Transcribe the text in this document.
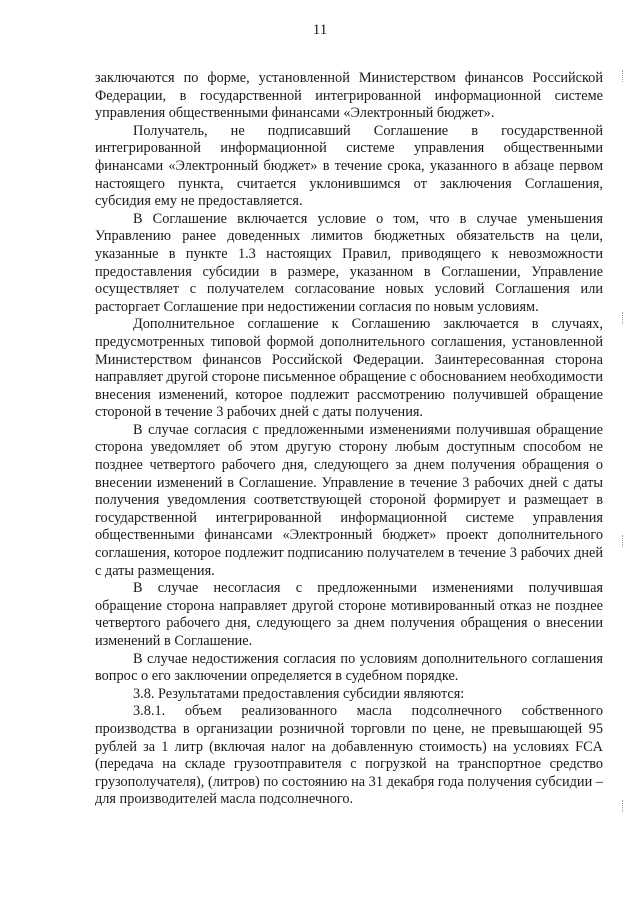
11

заключаются по форме, установленной Министерством финансов Российской Федерации, в государственной интегрированной информационной системе управления общественными финансами «Электронный бюджет».

Получатель, не подписавший Соглашение в государственной интегрированной информационной системе управления общественными финансами «Электронный бюджет» в течение срока, указанного в абзаце первом настоящего пункта, считается уклонившимся от заключения Соглашения, субсидия ему не предоставляется.

В Соглашение включается условие о том, что в случае уменьшения Управлению ранее доведенных лимитов бюджетных обязательств на цели, указанные в пункте 1.3 настоящих Правил, приводящего к невозможности предоставления субсидии в размере, указанном в Соглашении, Управление осуществляет с получателем согласование новых условий Соглашения или расторгает Соглашение при недостижении согласия по новым условиям.

Дополнительное соглашение к Соглашению заключается в случаях, предусмотренных типовой формой дополнительного соглашения, установленной Министерством финансов Российской Федерации. Заинтересованная сторона направляет другой стороне письменное обращение с обоснованием необходимости внесения изменений, которое подлежит рассмотрению получившей обращение стороной в течение 3 рабочих дней с даты получения.

В случае согласия с предложенными изменениями получившая обращение сторона уведомляет об этом другую сторону любым доступным способом не позднее четвертого рабочего дня, следующего за днем получения обращения о внесении изменений в Соглашение. Управление в течение 3 рабочих дней с даты получения уведомления соответствующей стороной формирует и размещает в государственной интегрированной информационной системе управления общественными финансами «Электронный бюджет» проект дополнительного соглашения, которое подлежит подписанию получателем в течение 3 рабочих дней с даты размещения.

В случае несогласия с предложенными изменениями получившая обращение сторона направляет другой стороне мотивированный отказ не позднее четвертого рабочего дня, следующего за днем получения обращения о внесении изменений в Соглашение.

В случае недостижения согласия по условиям дополнительного соглашения вопрос о его заключении определяется в судебном порядке.

3.8. Результатами предоставления субсидии являются:

3.8.1. объем реализованного масла подсолнечного собственного производства в организации розничной торговли по цене, не превышающей 95 рублей за 1 литр (включая налог на добавленную стоимость) на условиях FCA (передача на складе грузоотправителя с погрузкой на транспортное средство грузополучателя), (литров) по состоянию на 31 декабря года получения субсидии – для производителей масла подсолнечного.
